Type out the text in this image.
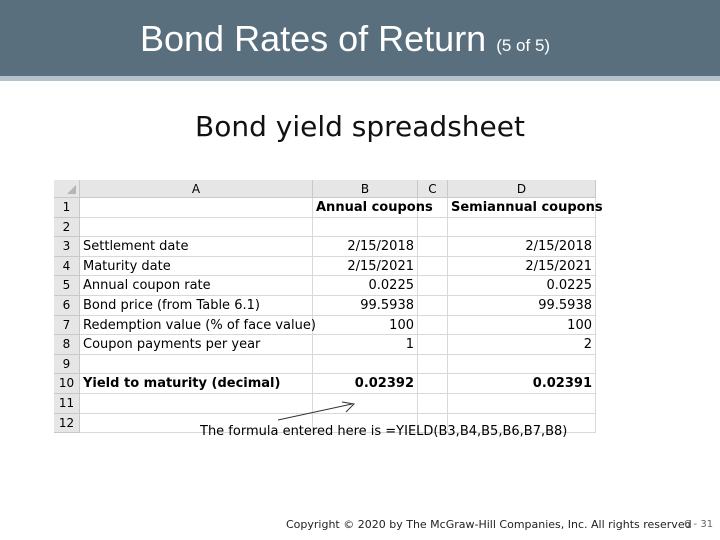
Bond Rates of Return (5 of 5)
Bond yield spreadsheet
12
11
0.02391
0.02392
Yield to maturity (decimal)
10
9
2
1
Coupon payments per year
8
100
100
Redemption value (% of face value)
7
99.5938
99.5938
Bond price (from Table 6.1)
6
0.0225
0.0225
Annual coupon rate
5
2/15/2021
2/15/2021
Maturity date
4
2/15/2018
2/15/2018
Settlement date
3
2
Semiannual coupons
Annual coupons
1
D
C
B
A
The formula entered here is =YIELD(B3,B4,B5,B6,B7,B8)
Copyright © 2020 by The McGraw-Hill Companies, Inc. All rights reserved
6 - 31
